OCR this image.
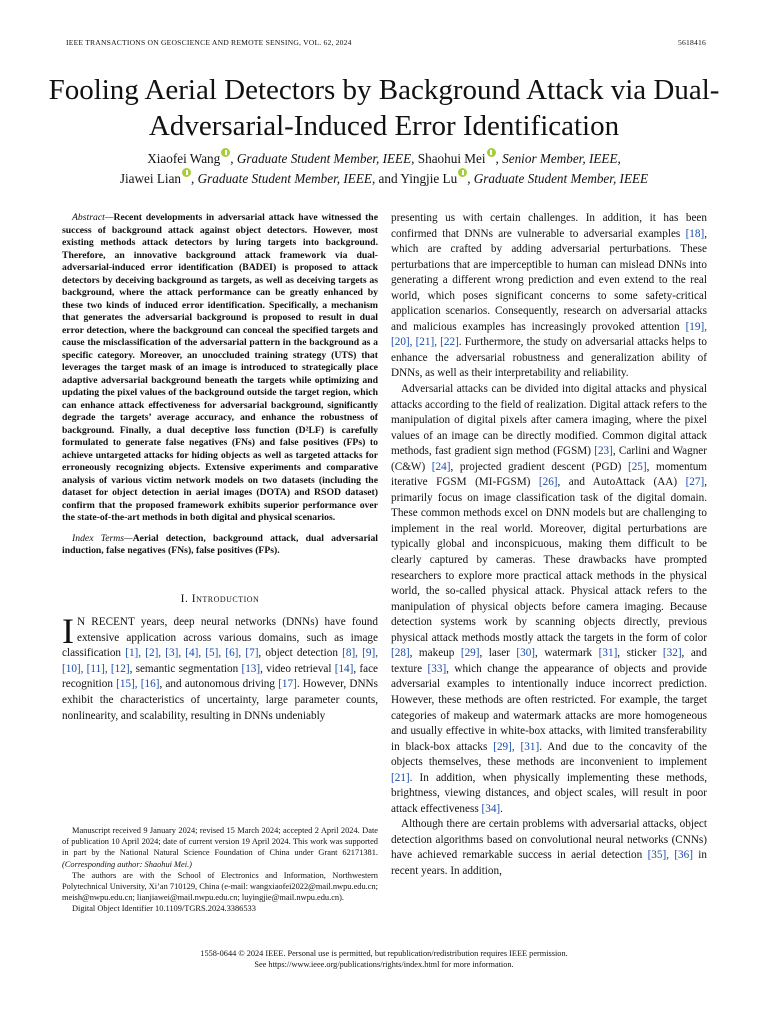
IEEE TRANSACTIONS ON GEOSCIENCE AND REMOTE SENSING, VOL. 62, 2024	5618416
Fooling Aerial Detectors by Background Attack via Dual-Adversarial-Induced Error Identification
Xiaofei Wang , Graduate Student Member, IEEE, Shaohui Mei , Senior Member, IEEE,
Jiawei Lian , Graduate Student Member, IEEE, and Yingjie Lu , Graduate Student Member, IEEE

Abstract—Recent developments in adversarial attack have witnessed the success of background attack against object detectors. However, most existing methods attack detectors by luring targets into background. Therefore, an innovative background attack framework via dual-adversarial-induced error identification (BADEI) is proposed to attack detectors by deceiving background as targets, as well as deceiving targets as background, where the attack performance can be greatly enhanced by these two kinds of induced error identification. Specifically, a mechanism that generates the adversarial background is proposed to result in dual error detection, where the background can conceal the specified targets and cause the misclassification of the adversarial pattern in the background as a specific category. Moreover, an unoccluded training strategy (UTS) that leverages the target mask of an image is introduced to strategically place adaptive adversarial background beneath the targets while optimizing and updating the pixel values of the background outside the target region, which can enhance attack effectiveness for adversarial background, significantly degrade the targets’ average accuracy, and enhance the robustness of background. Finally, a dual deceptive loss function (D²LF) is carefully formulated to generate false negatives (FNs) and false positives (FPs) to achieve untargeted attacks for hiding objects as well as targeted attacks for erroneously recognizing objects. Extensive experiments and comparative analysis of various victim network models on two datasets (including the dataset for object detection in aerial images (DOTA) and RSOD dataset) confirm that the proposed framework exhibits superior performance over the state-of-the-art methods in both digital and physical scenarios.

Index Terms—Aerial detection, background attack, dual adversarial induction, false negatives (FNs), false positives (FPs).

I. Introduction

I N RECENT years, deep neural networks (DNNs) have found extensive application across various domains, such as image classification [1], [2], [3], [4], [5], [6], [7], object detection [8], [9], [10], [11], [12], semantic segmentation [13], video retrieval [14], face recognition [15], [16], and autonomous driving [17]. However, DNNs exhibit the characteristics of uncertainty, large parameter counts, nonlinearity, and scalability, resulting in DNNs undeniably

Manuscript received 9 January 2024; revised 15 March 2024; accepted 2 April 2024. Date of publication 10 April 2024; date of current version 19 April 2024. This work was supported in part by the National Natural Science Foundation of China under Grant 62171381. (Corresponding author: Shaohui Mei.)

The authors are with the School of Electronics and Information, Northwestern Polytechnical University, Xi’an 710129, China (e-mail: wangxiaofei2022@mail.nwpu.edu.cn; meish@nwpu.edu.cn; lianjiawei@mail.nwpu.edu.cn; luyingjie@mail.nwpu.edu.cn).

Digital Object Identifier 10.1109/TGRS.2024.3386533

presenting us with certain challenges. In addition, it has been confirmed that DNNs are vulnerable to adversarial examples [18], which are crafted by adding adversarial perturbations. These perturbations that are imperceptible to human can mislead DNNs into generating a different wrong prediction and even extend to the real world, which poses significant concerns to some safety-critical application scenarios. Consequently, research on adversarial attacks and malicious examples has increasingly provoked attention [19], [20], [21], [22]. Furthermore, the study on adversarial attacks helps to enhance the adversarial robustness and generalization ability of DNNs, as well as their interpretability and reliability.

Adversarial attacks can be divided into digital attacks and physical attacks according to the field of realization. Digital attack refers to the manipulation of digital pixels after camera imaging, where the pixel values of an image can be directly modified. Common digital attack methods, fast gradient sign method (FGSM) [23], Carlini and Wagner (C&W) [24], projected gradient descent (PGD) [25], momentum iterative FGSM (MI-FGSM) [26], and AutoAttack (AA) [27], primarily focus on image classification task of the digital domain. These common methods excel on DNN models but are challenging to implement in the real world. Moreover, digital perturbations are typically global and inconspicuous, making them difficult to be clearly captured by cameras. These drawbacks have prompted researchers to explore more practical attack methods in the physical world, the so-called physical attack. Physical attack refers to the manipulation of physical objects before camera imaging. Because detection systems work by scanning objects directly, previous physical attack methods mostly attack the targets in the form of color [28], makeup [29], laser [30], watermark [31], sticker [32], and texture [33], which change the appearance of objects and provide adversarial examples to intentionally induce incorrect prediction. However, these methods are often restricted. For example, the target categories of makeup and watermark attacks are more homogeneous and usually effective in white-box attacks, with limited transferability in black-box attacks [29], [31]. And due to the concavity of the objects themselves, these methods are inconvenient to implement [21]. In addition, when physically implementing these methods, brightness, viewing distances, and object scales, will result in poor attack effectiveness [34].

Although there are certain problems with adversarial attacks, object detection algorithms based on convolutional neural networks (CNNs) have achieved remarkable success in aerial detection [35], [36] in recent years. In addition,

1558-0644 © 2024 IEEE. Personal use is permitted, but republication/redistribution requires IEEE permission.
See https://www.ieee.org/publications/rights/index.html for more information.
